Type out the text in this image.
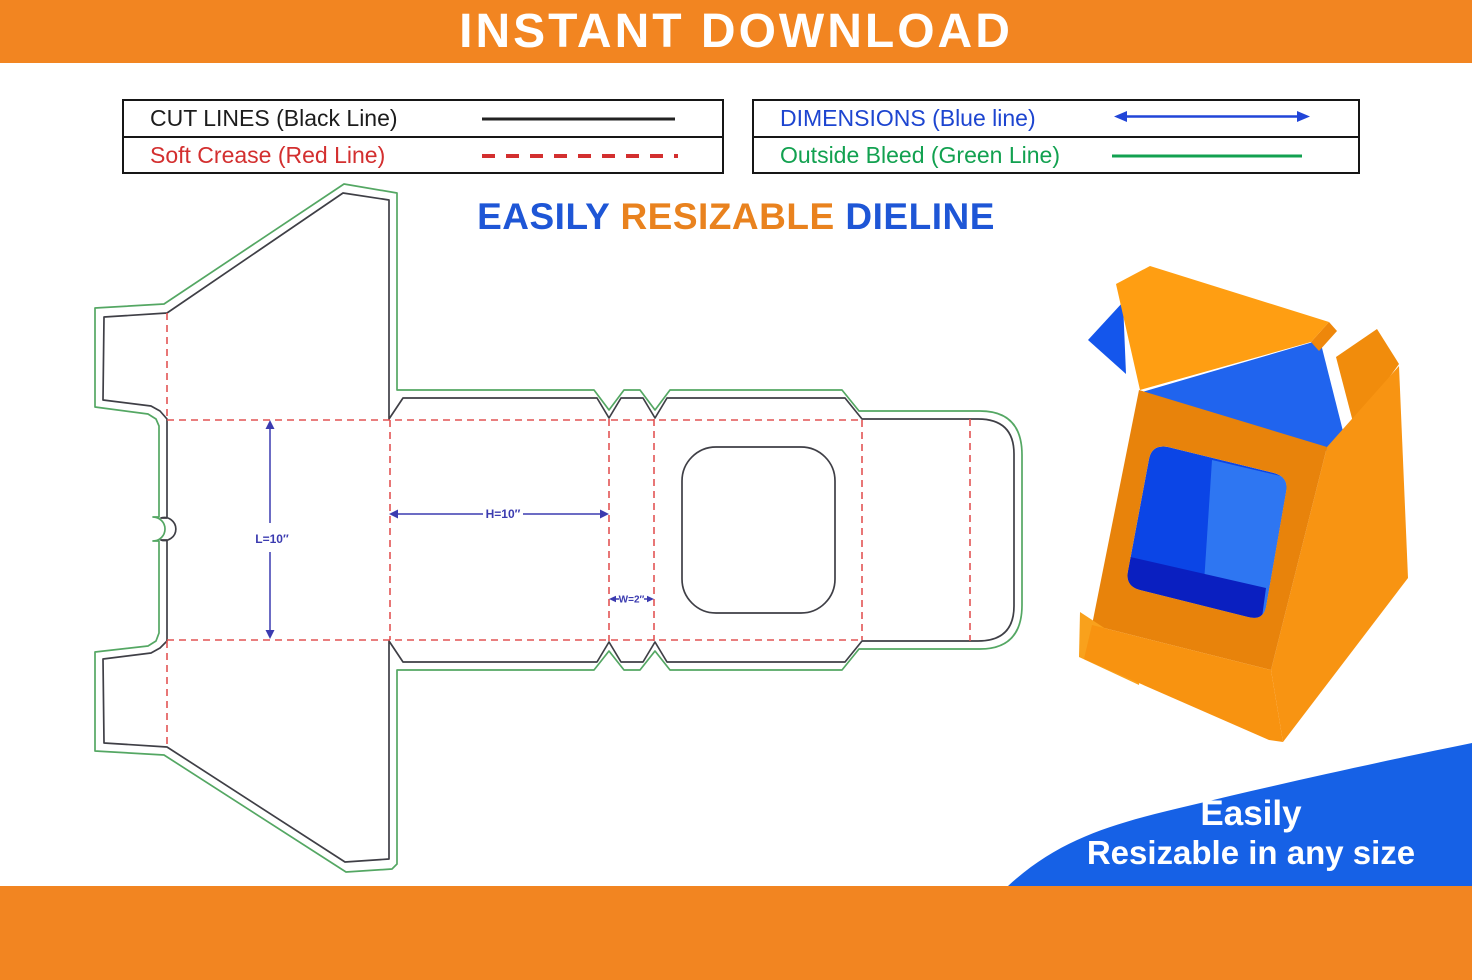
INSTANT DOWNLOAD
CUT LINES (Black Line)
Soft Crease (Red Line)
DIMENSIONS (Blue line)
Outside Bleed (Green Line)
EASILY RESIZABLE DIELINE
L=10″
H=10″
W=2″
Easily
Resizable in any size
